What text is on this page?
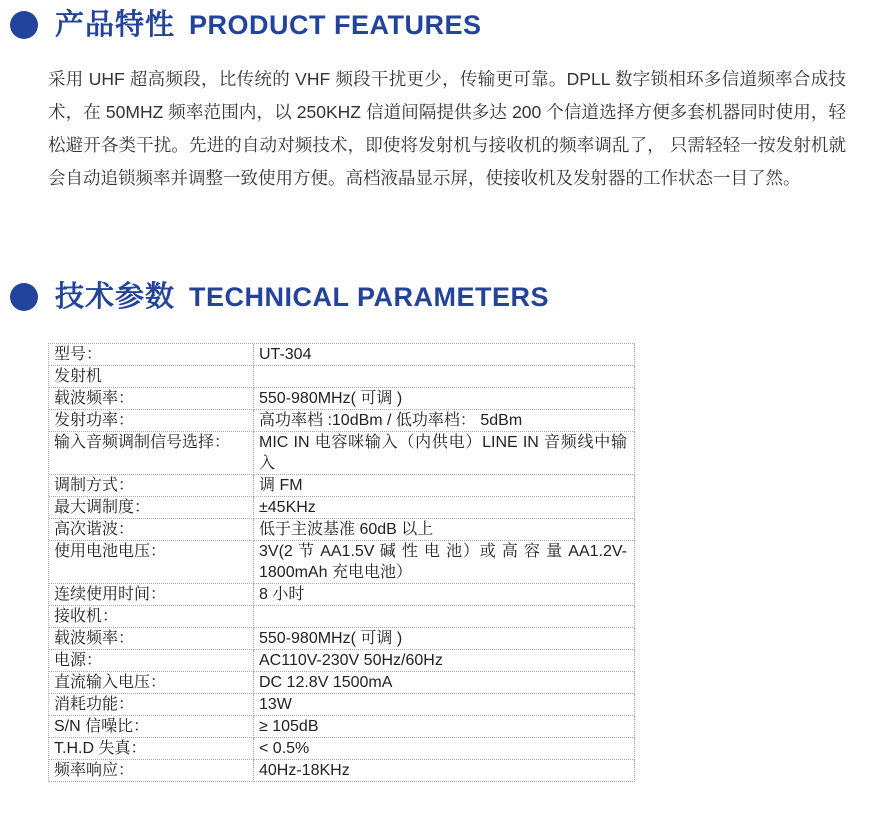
产品特性 PRODUCT FEATURES

采用 UHF 超高频段，比传统的 VHF 频段干扰更少，传输更可靠。DPLL 数字锁相环多信道频率合成技术，在 50MHZ 频率范围内，以 250KHZ 信道间隔提供多达 200 个信道选择方便多套机器同时使用，轻松避开各类干扰。先进的自动对频技术，即使将发射机与接收机的频率调乱了， 只需轻轻一按发射机就会自动追锁频率并调整一致使用方便。高档液晶显示屏，使接收机及发射器的工作状态一目了然。

技术参数 TECHNICAL PARAMETERS
型号：	UT-304
发射机
载波频率：	550-980MHz( 可调 )
发射功率：	高功率档 :10dBm / 低功率档： 5dBm
输入音频调制信号选择：	MIC IN 电容咪输入（内供电）LINE IN 音频线中输入
调制方式：	调 FM
最大调制度：	±45KHz
高次谐波：	低于主波基准 60dB 以上
使用电池电压：	3V(2 节 AA1.5V 碱 性 电 池）或 高 容 量 AA1.2V-1800mAh 充电电池）
连续使用时间：	8 小时
接收机：
载波频率：	550-980MHz( 可调 )
电源：	AC110V-230V 50Hz/60Hz
直流输入电压：	DC 12.8V 1500mA
消耗功能：	13W
S/N 信噪比：	≥ 105dB
T.H.D 失真：	< 0.5%
频率响应：	40Hz-18KHz
